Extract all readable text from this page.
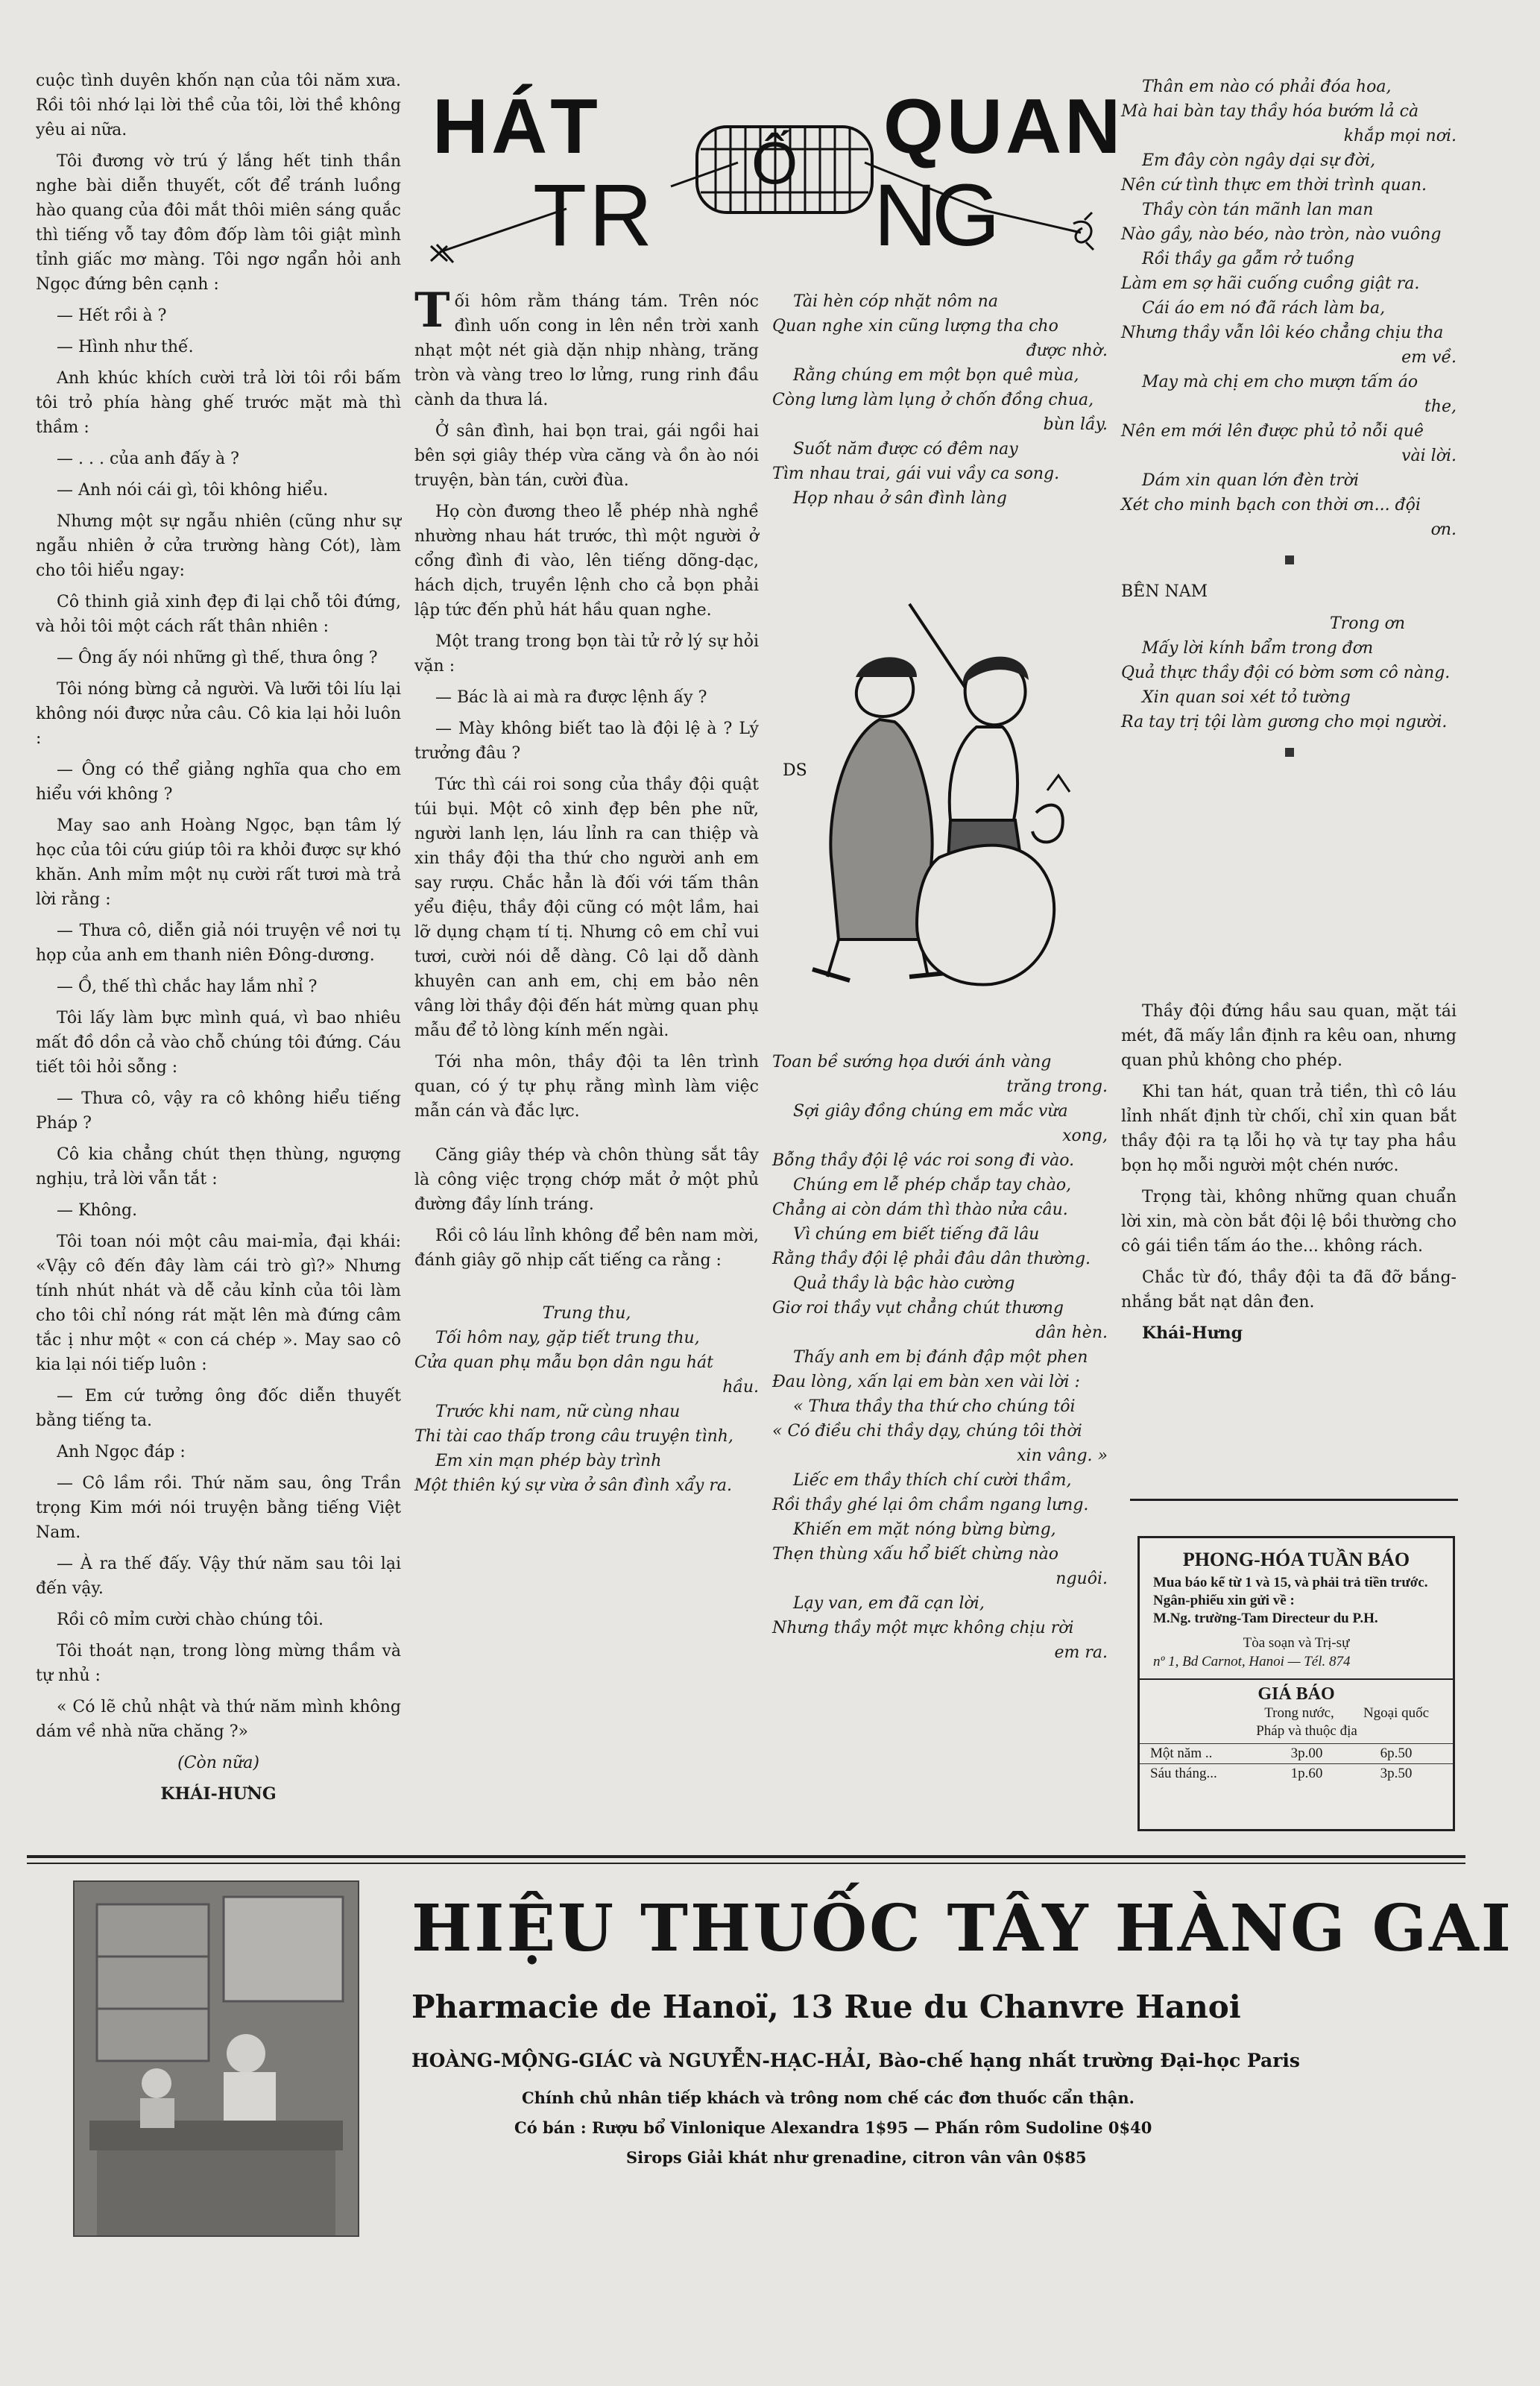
HÁT	QUAN
T R
Ố
N
G

cuộc tình duyên khốn nạn của tôi năm xưa. Rồi tôi nhớ lại lời thề của tôi, lời thề không yêu ai nữa.

Tôi đương vờ trú ý lắng hết tinh thần nghe bài diễn thuyết, cốt để tránh luồng hào quang của đôi mắt thôi miên sáng quắc thì tiếng vỗ tay đôm đốp làm tôi giật mình tỉnh giấc mơ màng. Tôi ngơ ngẩn hỏi anh Ngọc đứng bên cạnh :

— Hết rồi à ?

— Hình như thế.

Anh khúc khích cười trả lời tôi rồi bấm tôi trỏ phía hàng ghế trước mặt mà thì thầm :

— . . . của anh đấy à ?

— Anh nói cái gì, tôi không hiểu.

Nhưng một sự ngẫu nhiên (cũng như sự ngẫu nhiên ở cửa trường hàng Cót), làm cho tôi hiểu ngay:

Cô thinh giả xinh đẹp đi lại chỗ tôi đứng, và hỏi tôi một cách rất thân nhiên :

— Ông ấy nói những gì thế, thưa ông ?

Tôi nóng bừng cả người. Và lưỡi tôi líu lại không nói được nửa câu. Cô kia lại hỏi luôn :

— Ông có thể giảng nghĩa qua cho em hiểu với không ?

May sao anh Hoàng Ngọc, bạn tâm lý học của tôi cứu giúp tôi ra khỏi được sự khó khăn. Anh mỉm một nụ cười rất tươi mà trả lời rằng :

— Thưa cô, diễn giả nói truyện về nơi tụ họp của anh em thanh niên Đông-dương.

— Ồ, thế thì chắc hay lắm nhỉ ?

Tôi lấy làm bực mình quá, vì bao nhiêu mất đồ dồn cả vào chỗ chúng tôi đứng. Cáu tiết tôi hỏi sỗng :

— Thưa cô, vậy ra cô không hiểu tiếng Pháp ?

Cô kia chẳng chút thẹn thùng, ngượng nghịu, trả lời vẫn tắt :

— Không.

Tôi toan nói một câu mai-mỉa, đại khái: «Vậy cô đến đây làm cái trò gì?» Nhưng tính nhút nhát và dễ cảu kỉnh của tôi làm cho tôi chỉ nóng rát mặt lên mà đứng câm tắc ị như một « con cá chép ». May sao cô kia lại nói tiếp luôn :

— Em cứ tưởng ông đốc diễn thuyết bằng tiếng ta.

Anh Ngọc đáp :

— Cô lầm rồi. Thứ năm sau, ông Trần trọng Kim mới nói truyện bằng tiếng Việt Nam.

— À ra thế đấy. Vậy thứ năm sau tôi lại đến vậy.

Rồi cô mỉm cười chào chúng tôi.

Tôi thoát nạn, trong lòng mừng thầm và tự nhủ :

« Có lẽ chủ nhật và thứ năm mình không dám về nhà nữa chăng ?»

(Còn nữa)

KHÁI-HƯNG

Tối hôm rằm tháng tám. Trên nóc đình uốn cong in lên nền trời xanh nhạt một nét già dặn nhịp nhàng, trăng tròn và vàng treo lơ lửng, rung rinh đầu cành da thưa lá.

Ở sân đình, hai bọn trai, gái ngồi hai bên sợi giây thép vừa căng và ồn ào nói truyện, bàn tán, cười đùa.

Họ còn đương theo lễ phép nhà nghề nhường nhau hát trước, thì một người ở cổng đình đi vào, lên tiếng dõng-dạc, hách dịch, truyền lệnh cho cả bọn phải lập tức đến phủ hát hầu quan nghe.

Một trang trong bọn tài tử rở lý sự hỏi vặn :

— Bác là ai mà ra được lệnh ấy ?

— Mày không biết tao là đội lệ à ? Lý trưởng đâu ?

Tức thì cái roi song của thầy đội quật túi bụi. Một cô xinh đẹp bên phe nữ, người lanh lẹn, láu lỉnh ra can thiệp và xin thầy đội tha thứ cho người anh em say rượu. Chắc hẳn là đối với tấm thân yểu điệu, thầy đội cũng có một lầm, hai lỡ dụng chạm tí tị. Nhưng cô em chỉ vui tươi, cười nói dễ dàng. Cô lại dỗ dành khuyên can anh em, chị em bảo nên vâng lời thầy đội đến hát mừng quan phụ mẫu để tỏ lòng kính mến ngài.

Tới nha môn, thầy đội ta lên trình quan, có ý tự phụ rằng mình làm việc mẫn cán và đắc lực.

Căng giây thép và chôn thùng sắt tây là công việc trọng chớp mắt ở một phủ đường đầy lính tráng.

Rồi cô láu lỉnh không để bên nam mời, đánh giây gõ nhịp cất tiếng ca rằng :

Trung thu,
Tối hôm nay, gặp tiết trung thu,
Cửa quan phụ mẫu bọn dân ngu hát
hầu.
Trước khi nam, nữ cùng nhau
Thi tài cao thấp trong câu truyện tình,
Em xin mạn phép bày trình
Một thiên ký sự vừa ở sân đình xẩy ra.
Tài hèn cóp nhặt nôm na
Quan nghe xin cũng lượng tha cho
được nhờ.
Rằng chúng em một bọn quê mùa,
Còng lưng làm lụng ở chốn đồng chua,
bùn lầy.
Suốt năm được có đêm nay
Tìm nhau trai, gái vui vầy ca song.
Họp nhau ở sân đình làng
DS
Toan bề sướng họa dưới ánh vàng
trăng trong.
Sợi giây đồng chúng em mắc vừa
xong,
Bỗng thầy đội lệ vác roi song đi vào.
Chúng em lễ phép chắp tay chào,
Chẳng ai còn dám thì thào nửa câu.
Vì chúng em biết tiếng đã lâu
Rằng thầy đội lệ phải đâu dân thường.
Quả thầy là bậc hào cường
Giơ roi thầy vụt chẳng chút thương
dân hèn.
Thấy anh em bị đánh đập một phen
Đau lòng, xấn lại em bàn xen vài lời :
« Thưa thầy tha thứ cho chúng tôi
« Có điều chi thầy dạy, chúng tôi thời
xin vâng. »
Liếc em thầy thích chí cười thầm,
Rồi thầy ghé lại ôm chầm ngang lưng.
Khiến em mặt nóng bừng bừng,
Thẹn thùng xấu hổ biết chừng nào
nguôi.
Lạy van, em đã cạn lời,
Nhưng thầy một mực không chịu rời
em ra.
Thân em nào có phải đóa hoa,
Mà hai bàn tay thầy hóa bướm lả cà
khắp mọi nơi.
Em đây còn ngây dại sự đời,
Nên cứ tình thực em thời trình quan.
Thầy còn tán mãnh lan man
Nào gầy, nào béo, nào tròn, nào vuông
Rồi thầy ga gẫm rở tuồng
Làm em sợ hãi cuống cuồng giật ra.
Cái áo em nó đã rách làm ba,
Nhưng thầy vẫn lôi kéo chẳng chịu tha
em về.
May mà chị em cho mượn tấm áo
the,
Nên em mới lên được phủ tỏ nỗi quê
vài lời.
Dám xin quan lớn đèn trời
Xét cho minh bạch con thời ơn... đội
ơn.
BÊN NAM
Trong ơn
Mấy lời kính bẩm trong đơn
Quả thực thầy đội có bờm sơm cô nàng.
Xin quan soi xét tỏ tường
Ra tay trị tội làm gương cho mọi người.

Thầy đội đứng hầu sau quan, mặt tái mét, đã mấy lần định ra kêu oan, nhưng quan phủ không cho phép.

Khi tan hát, quan trả tiền, thì cô láu lỉnh nhất định từ chối, chỉ xin quan bắt thầy đội ra tạ lỗi họ và tự tay pha hầu bọn họ mỗi người một chén nước.

Trọng tài, không những quan chuẩn lời xin, mà còn bắt đội lệ bồi thường cho cô gái tiền tấm áo the... không rách.

Chắc từ đó, thầy đội ta đã đỡ bắng-nhắng bắt nạt dân đen.

Khái-Hưng

PHONG-HÓA TUẦN BÁO
Mua báo kể từ 1 và 15, và phải trả tiền trước. Ngân-phiếu xin gửi về :
M.Ng. trường-Tam Directeur du P.H.
Tòa soạn và Trị-sự
nº 1, Bd Carnot, Hanoi — Tél. 874
GIÁ BÁO
Trong nước,	Ngoại quốc
Pháp và thuộc địa
Một năm ..	3p.00	6p.50
Sáu tháng...	1p.60	3p.50
HIỆU THUỐC TÂY HÀNG GAI
Pharmacie de Hanoï, 13 Rue du Chanvre Hanoi
HOÀNG-MỘNG-GIÁC và NGUYỄN-HẠC-HẢI, Bào-chế hạng nhất trường Đại-học Paris
Chính chủ nhân tiếp khách và trông nom chế các đơn thuốc cẩn thận.
Có bán : Rượu bổ Vinlonique Alexandra 1$95 — Phấn rôm Sudoline 0$40
Sirops Giải khát như grenadine, citron vân vân 0$85
